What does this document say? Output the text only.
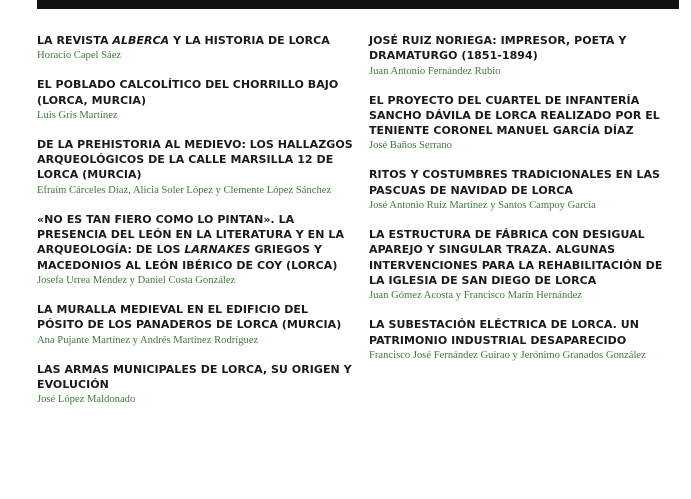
LA REVISTA ALBERCA Y LA HISTORIA DE LORCA
Horacio Capel Sáez
EL POBLADO CALCOLÍTICO DEL CHORRILLO BAJO (LORCA, MURCIA)
Luis Gris Martínez
DE LA PREHISTORIA AL MEDIEVO: LOS HALLAZGOS ARQUEOLÓGICOS DE LA CALLE MARSILLA 12 DE LORCA (MURCIA)
Efraím Cárceles Díaz, Alicia Soler López y Clemente López Sánchez
«NO ES TAN FIERO COMO LO PINTAN». LA PRESENCIA DEL LEÓN EN LA LITERATURA Y EN LA ARQUEOLOGÍA: DE LOS LARNAKES GRIEGOS Y MACEDONIOS AL LEÓN IBÉRICO DE COY (LORCA)
Josefa Urrea Méndez y Daniel Costa González
LA MURALLA MEDIEVAL EN EL EDIFICIO DEL PÓSITO DE LOS PANADEROS DE LORCA (MURCIA)
Ana Pujante Martínez y Andrés Martínez Rodríguez
LAS ARMAS MUNICIPALES DE LORCA, SU ORIGEN Y EVOLUCIÓN
José López Maldonado
JOSÉ RUIZ NORIEGA: IMPRESOR, POETA Y DRAMATURGO (1851-1894)
Juan Antonio Fernández Rubio
EL PROYECTO DEL CUARTEL DE INFANTERÍA SANCHO DÁVILA DE LORCA REALIZADO POR EL TENIENTE CORONEL MANUEL GARCÍA DÍAZ
José Baños Serrano
RITOS Y COSTUMBRES TRADICIONALES EN LAS PASCUAS DE NAVIDAD DE LORCA
José Antonio Ruiz Martínez y Santos Campoy García
LA ESTRUCTURA DE FÁBRICA CON DESIGUAL APAREJO Y SINGULAR TRAZA. ALGUNAS INTERVENCIONES PARA LA REHABILITACIÓN DE LA IGLESIA DE SAN DIEGO DE LORCA
Juan Gómez Acosta y Francisco Marín Hernández
LA SUBESTACIÓN ELÉCTRICA DE LORCA. UN PATRIMONIO INDUSTRIAL DESAPARECIDO
Francisco José Fernández Guirao y Jerónimo Granados González
